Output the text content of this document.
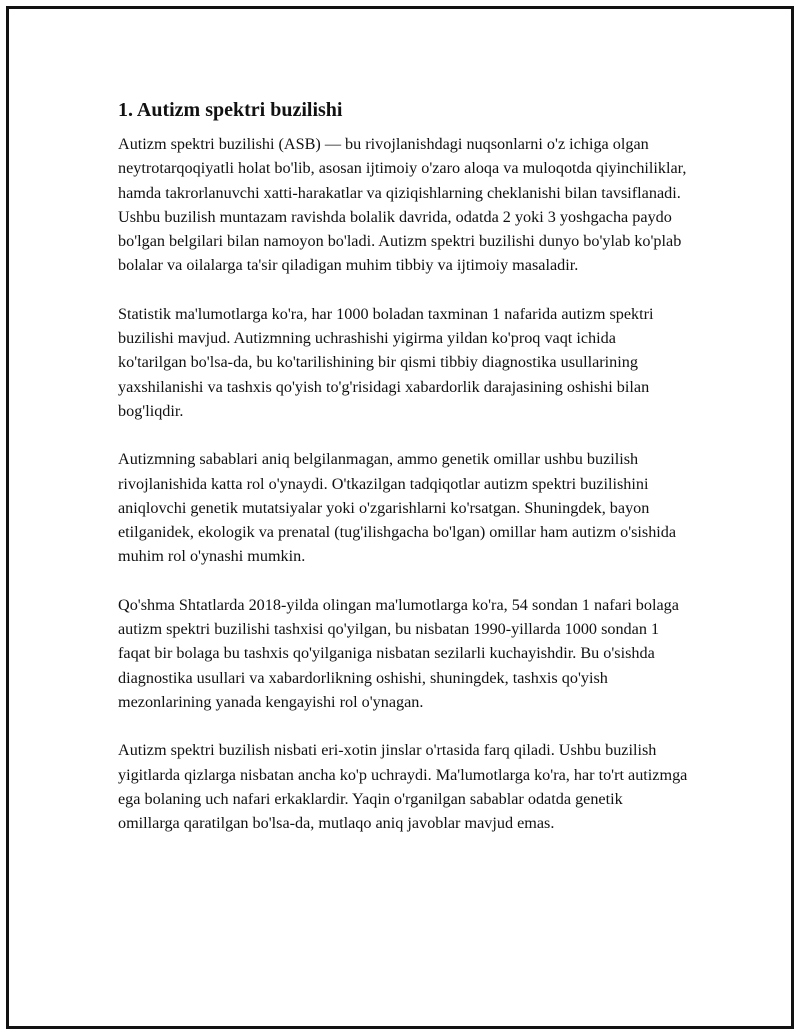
1. Autizm spektri buzilishi

Autizm spektri buzilishi (ASB) — bu rivojlanishdagi nuqsonlarni o'z ichiga olgan neytrotarqoqiyatli holat bo'lib, asosan ijtimoiy o'zaro aloqa va muloqotda qiyinchiliklar, hamda takrorlanuvchi xatti-harakatlar va qiziqishlarning cheklanishi bilan tavsiflanadi. Ushbu buzilish muntazam ravishda bolalik davrida, odatda 2 yoki 3 yoshgacha paydo bo'lgan belgilari bilan namoyon bo'ladi. Autizm spektri buzilishi dunyo bo'ylab ko'plab bolalar va oilalarga ta'sir qiladigan muhim tibbiy va ijtimoiy masaladir.

Statistik ma'lumotlarga ko'ra, har 1000 boladan taxminan 1 nafarida autizm spektri buzilishi mavjud. Autizmning uchrashishi yigirma yildan ko'proq vaqt ichida ko'tarilgan bo'lsa-da, bu ko'tarilishining bir qismi tibbiy diagnostika usullarining yaxshilanishi va tashxis qo'yish to'g'risidagi xabardorlik darajasining oshishi bilan bog'liqdir.

Autizmning sabablari aniq belgilanmagan, ammo genetik omillar ushbu buzilish rivojlanishida katta rol o'ynaydi. O'tkazilgan tadqiqotlar autizm spektri buzilishini aniqlovchi genetik mutatsiyalar yoki o'zgarishlarni ko'rsatgan. Shuningdek, bayon etilganidek, ekologik va prenatal (tug'ilishgacha bo'lgan) omillar ham autizm o'sishida muhim rol o'ynashi mumkin.

Qo'shma Shtatlarda 2018-yilda olingan ma'lumotlarga ko'ra, 54 sondan 1 nafari bolaga autizm spektri buzilishi tashxisi qo'yilgan, bu nisbatan 1990-yillarda 1000 sondan 1 faqat bir bolaga bu tashxis qo'yilganiga nisbatan sezilarli kuchayishdir. Bu o'sishda diagnostika usullari va xabardorlikning oshishi, shuningdek, tashxis qo'yish mezonlarining yanada kengayishi rol o'ynagan.

Autizm spektri buzilish nisbati eri-xotin jinslar o'rtasida farq qiladi. Ushbu buzilish yigitlarda qizlarga nisbatan ancha ko'p uchraydi. Ma'lumotlarga ko'ra, har to'rt autizmga ega bolaning uch nafari erkaklardir. Yaqin o'rganilgan sabablar odatda genetik omillarga qaratilgan bo'lsa-da, mutlaqo aniq javoblar mavjud emas.
